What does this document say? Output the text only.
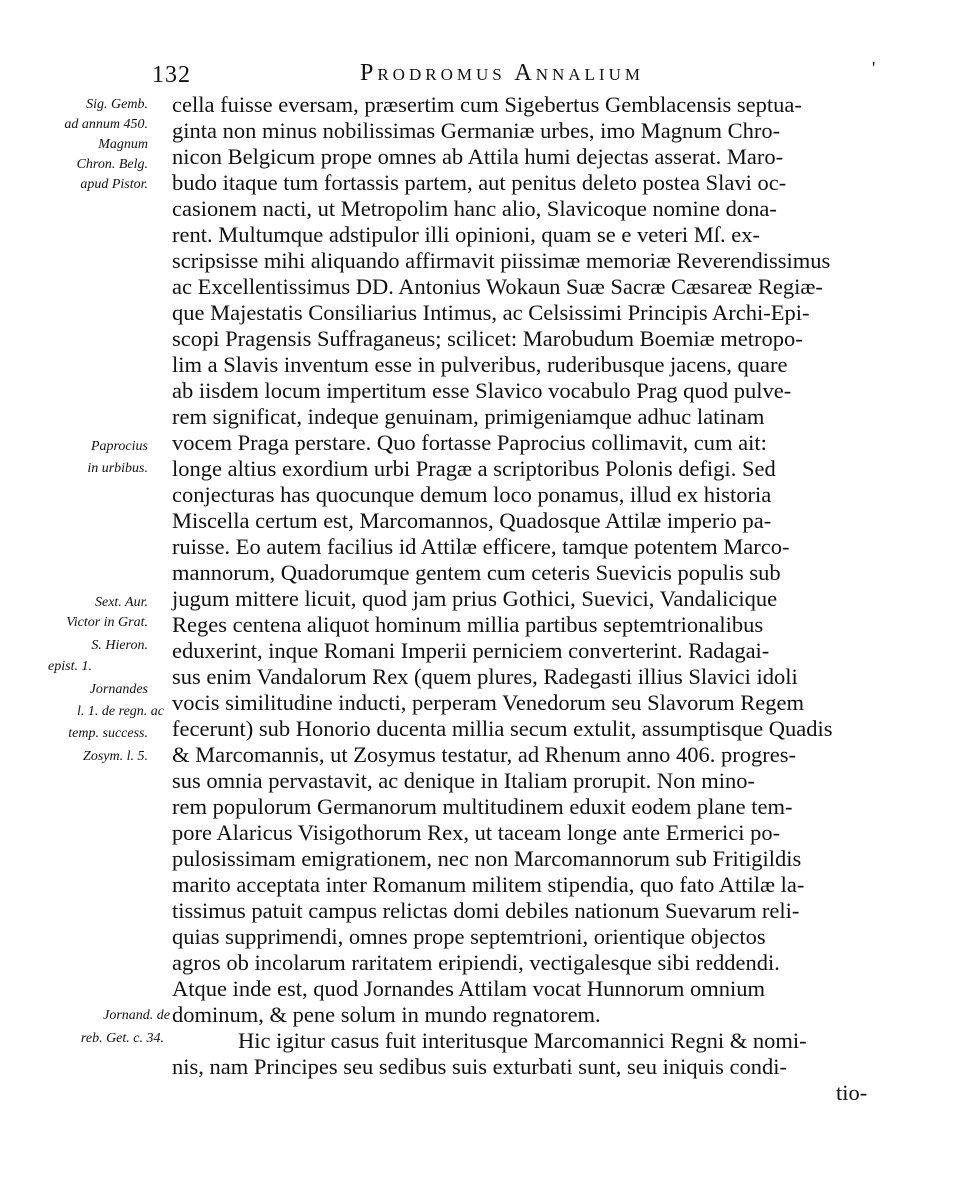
132	Prodromus Annalium	'
cella fuisse eversam, præsertim cum Sigebertus Gemblacensis septua-
ginta non minus nobilissimas Germaniæ urbes, imo Magnum Chro-
nicon Belgicum prope omnes ab Attila humi dejectas asserat. Maro-
budo itaque tum fortassis partem, aut penitus deleto postea Slavi oc-
casionem nacti, ut Metropolim hanc alio, Slavicoque nomine dona-
rent. Multumque adstipulor illi opinioni, quam se e veteri Mſ. ex-
scripsisse mihi aliquando affirmavit piissimæ memoriæ Reverendissimus
ac Excellentissimus DD. Antonius Wokaun Suæ Sacræ Cæsareæ Regiæ-
que Majestatis Consiliarius Intimus, ac Celsissimi Principis Archi-Epi-
scopi Pragensis Suffraganeus; scilicet: Marobudum Boemiæ metropo-
lim a Slavis inventum esse in pulveribus, ruderibusque jacens, quare
ab iisdem locum impertitum esse Slavico vocabulo Prag quod pulve-
rem significat, indeque genuinam, primigeniamque adhuc latinam
vocem Praga perstare. Quo fortasse Paprocius collimavit, cum ait:
longe altius exordium urbi Pragæ a scriptoribus Polonis defigi. Sed
conjecturas has quocunque demum loco ponamus, illud ex historia
Miscella certum est, Marcomannos, Quadosque Attilæ imperio pa-
ruisse. Eo autem facilius id Attilæ efficere, tamque potentem Marco-
mannorum, Quadorumque gentem cum ceteris Suevicis populis sub
jugum mittere licuit, quod jam prius Gothici, Suevici, Vandalicique
Reges centena aliquot hominum millia partibus septemtrionalibus
eduxerint, inque Romani Imperii perniciem converterint. Radagai-
sus enim Vandalorum Rex (quem plures, Radegasti illius Slavici idoli
vocis similitudine inducti, perperam Venedorum seu Slavorum Regem
fecerunt) sub Honorio ducenta millia secum extulit, assumptisque Quadis
& Marcomannis, ut Zosymus testatur, ad Rhenum anno 406. progres-
sus omnia pervastavit, ac denique in Italiam prorupit. Non mino-
rem populorum Germanorum multitudinem eduxit eodem plane tem-
pore Alaricus Visigothorum Rex, ut taceam longe ante Ermerici po-
pulosissimam emigrationem, nec non Marcomannorum sub Fritigildis
marito acceptata inter Romanum militem stipendia, quo fato Attilæ la-
tissimus patuit campus relictas domi debiles nationum Suevarum reli-
quias supprimendi, omnes prope septemtrioni, orientique objectos
agros ob incolarum raritatem eripiendi, vectigalesque sibi reddendi.
Atque inde est, quod Jornandes Attilam vocat Hunnorum omnium
dominum, & pene solum in mundo regnatorem.
Hic igitur casus fuit interitusque Marcomannici Regni & nomi-
nis, nam Principes seu sedibus suis exturbati sunt, seu iniquis condi-
tio-
Sig. Gemb.
ad annum 450.
Magnum
Chron. Belg.
apud Pistor.
Paprocius
in urbibus.
Sext. Aur.
Victor in Grat.
S. Hieron.
epist. 1.
Jornandes
l. 1. de regn. ac
temp. success.
Zosym. l. 5.
Jornand. de
reb. Get. c. 34.
